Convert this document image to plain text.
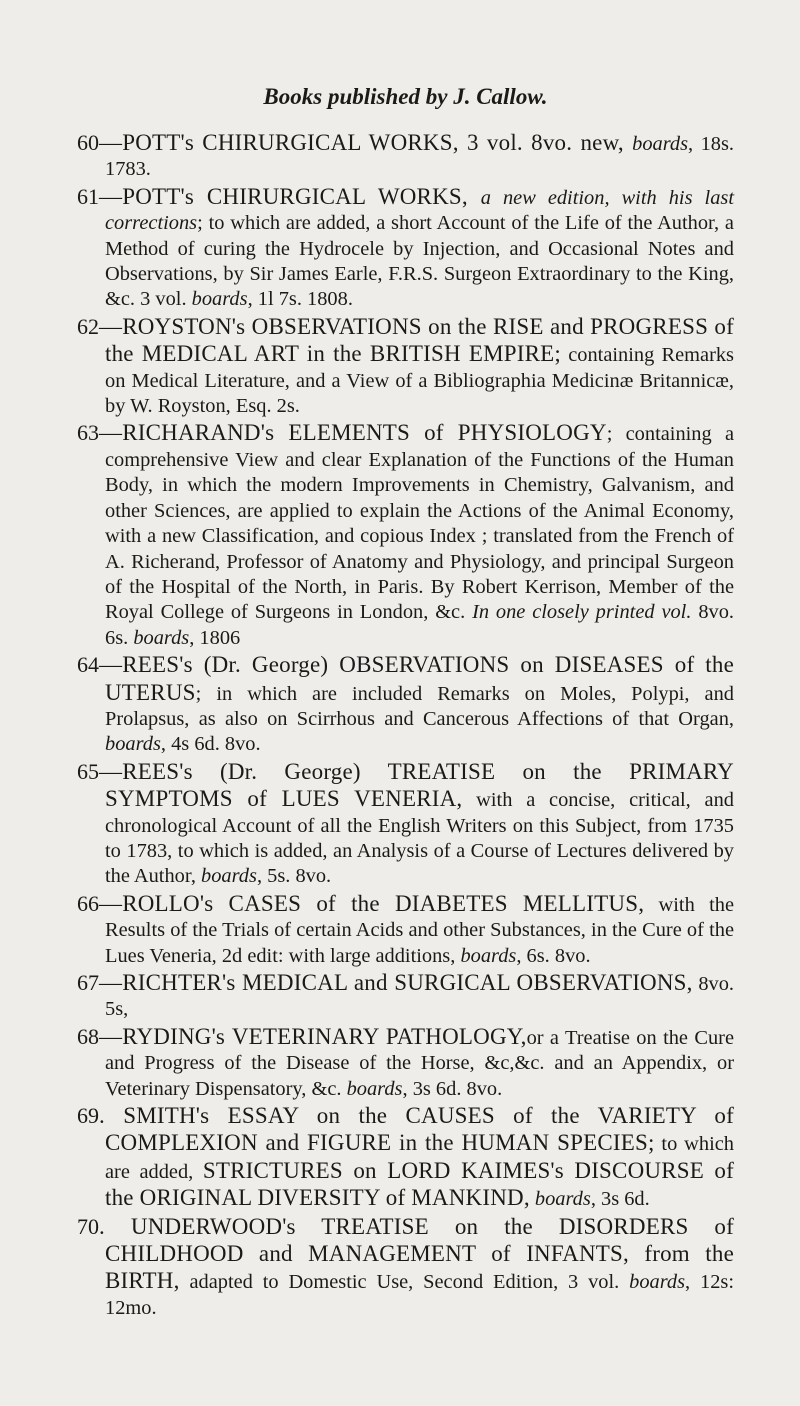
Books published by J. Callow.

60—POTT's CHIRURGICAL WORKS, 3 vol. 8vo. new, boards, 18s. 1783.

61—POTT's CHIRURGICAL WORKS, a new edition, with his last corrections; to which are added, a short Account of the Life of the Author, a Method of curing the Hydrocele by Injection, and Occasional Notes and Observations, by Sir James Earle, F.R.S. Surgeon Extraordinary to the King, &c. 3 vol. boards, 1l 7s. 1808.

62—ROYSTON's OBSERVATIONS on the RISE and PROGRESS of the MEDICAL ART in the BRITISH EMPIRE; containing Remarks on Medical Literature, and a View of a Bibliographia Medicinæ Britannicæ, by W. Royston, Esq. 2s.

63—RICHARAND's ELEMENTS of PHYSIOLOGY; containing a comprehensive View and clear Explanation of the Functions of the Human Body, in which the modern Improvements in Chemistry, Galvanism, and other Sciences, are applied to explain the Actions of the Animal Economy, with a new Classification, and copious Index ; translated from the French of A. Richerand, Professor of Anatomy and Physiology, and principal Surgeon of the Hospital of the North, in Paris. By Robert Kerrison, Member of the Royal College of Surgeons in London, &c. In one closely printed vol. 8vo. 6s. boards, 1806

64—REES's (Dr. George) OBSERVATIONS on DISEASES of the UTERUS; in which are included Remarks on Moles, Polypi, and Prolapsus, as also on Scirrhous and Cancerous Affections of that Organ, boards, 4s 6d. 8vo.

65—REES's (Dr. George) TREATISE on the PRIMARY SYMPTOMS of LUES VENERIA, with a concise, critical, and chronological Account of all the English Writers on this Subject, from 1735 to 1783, to which is added, an Analysis of a Course of Lectures delivered by the Author, boards, 5s. 8vo.

66—ROLLO's CASES of the DIABETES MELLITUS, with the Results of the Trials of certain Acids and other Substances, in the Cure of the Lues Veneria, 2d edit: with large additions, boards, 6s. 8vo.

67—RICHTER's MEDICAL and SURGICAL OBSERVATIONS, 8vo. 5s,

68—RYDING's VETERINARY PATHOLOGY,or a Treatise on the Cure and Progress of the Disease of the Horse, &c,&c. and an Appendix, or Veterinary Dispensatory, &c. boards, 3s 6d. 8vo.

69. SMITH's ESSAY on the CAUSES of the VARIETY of COMPLEXION and FIGURE in the HUMAN SPECIES; to which are added, STRICTURES on LORD KAIMES's DISCOURSE of the ORIGINAL DIVERSITY of MANKIND, boards, 3s 6d.

70. UNDERWOOD's TREATISE on the DISORDERS of CHILDHOOD and MANAGEMENT of INFANTS, from the BIRTH, adapted to Domestic Use, Second Edition, 3 vol. boards, 12s: 12mo.
